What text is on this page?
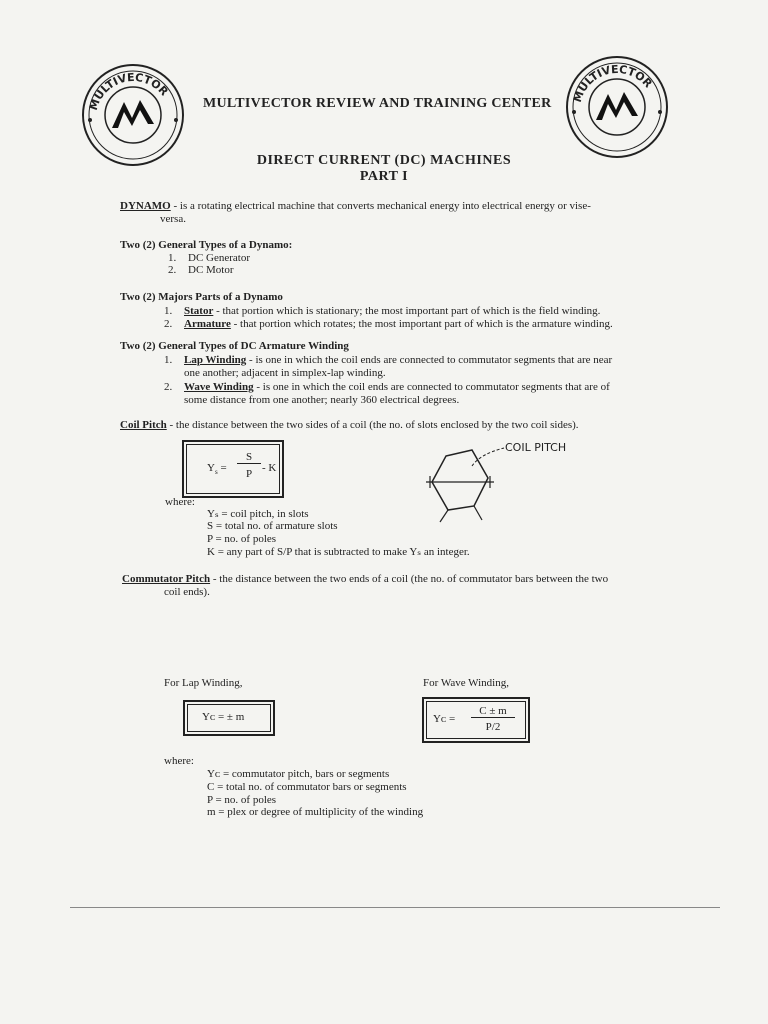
MULTIVECTOR	MULTIVECTOR
MULTIVECTOR REVIEW AND TRAINING CENTER
DIRECT CURRENT (DC) MACHINES
PART I
DYNAMO - is a rotating electrical machine that converts mechanical energy into electrical energy or vise-
versa.
Two (2) General Types of a Dynamo:
1. DC Generator
2. DC Motor
Two (2) Majors Parts of a Dynamo
1. Stator - that portion which is stationary; the most important part of which is the field winding.
2. Armature - that portion which rotates; the most important part of which is the armature winding.
Two (2) General Types of DC Armature Winding
1. Lap Winding - is one in which the coil ends are connected to commutator segments that are near
one another; adjacent in simplex-lap winding.
2. Wave Winding - is one in which the coil ends are connected to commutator segments that are of
some distance from one another; nearly 360 electrical degrees.
Coil Pitch - the distance between the two sides of a coil (the no. of slots enclosed by the two coil sides).
$Y_s$ =
S
P - K
COIL PITCH
where:
Yₛ = coil pitch, in slots
S = total no. of armature slots
P = no. of poles
K = any part of S/P that is subtracted to make Yₛ an integer.
Commutator Pitch - the distance between the two ends of a coil (the no. of commutator bars between the two
coil ends).
For Lap Winding,	For Wave Winding,
Yᴄ = ± m	Yᴄ =
C ± m
P/2
where:
Yᴄ = commutator pitch, bars or segments
C = total no. of commutator bars or segments
P = no. of poles
m = plex or degree of multiplicity of the winding
